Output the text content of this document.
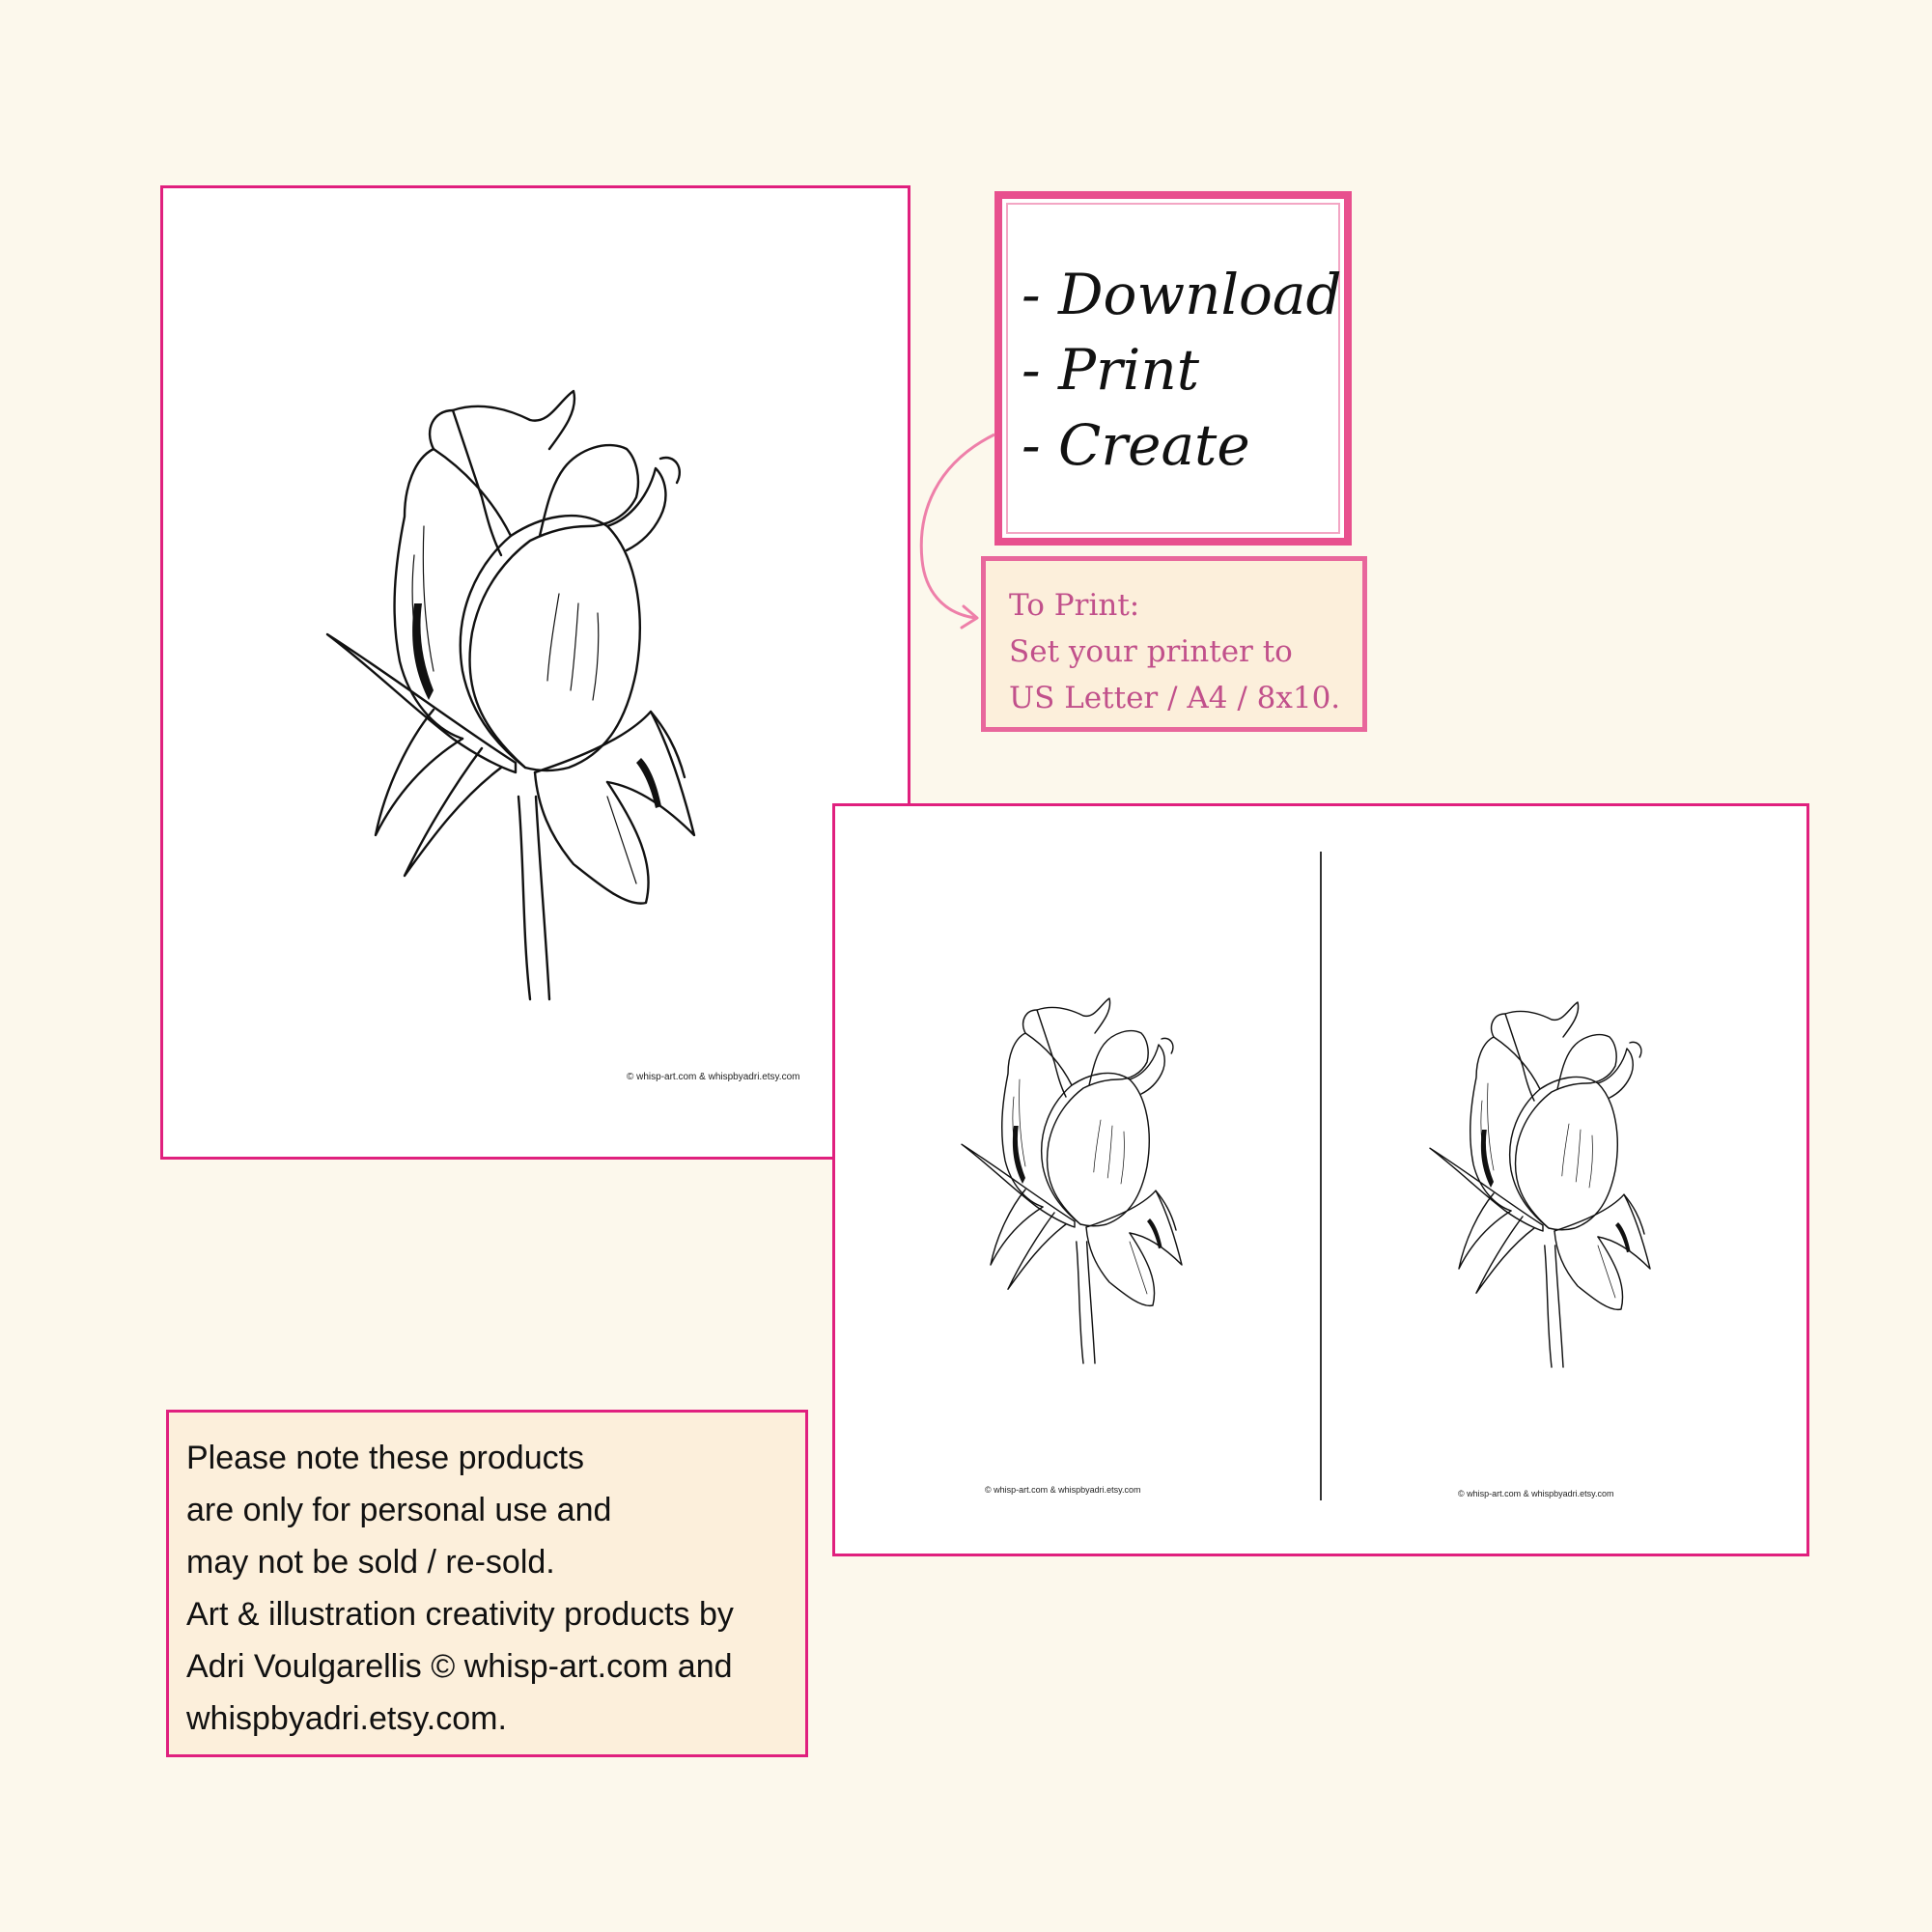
© whisp-art.com & whispbyadri.etsy.com
© whisp-art.com & whispbyadri.etsy.com	© whisp-art.com & whispbyadri.etsy.com
- Download
- Print
- Create
To Print:
Set your printer to
US Letter / A4 / 8x10.
Please note these products
are only for personal use and
may not be sold / re-sold.
Art & illustration creativity products by
Adri Voulgarellis © whisp-art.com and
whispbyadri.etsy.com.
